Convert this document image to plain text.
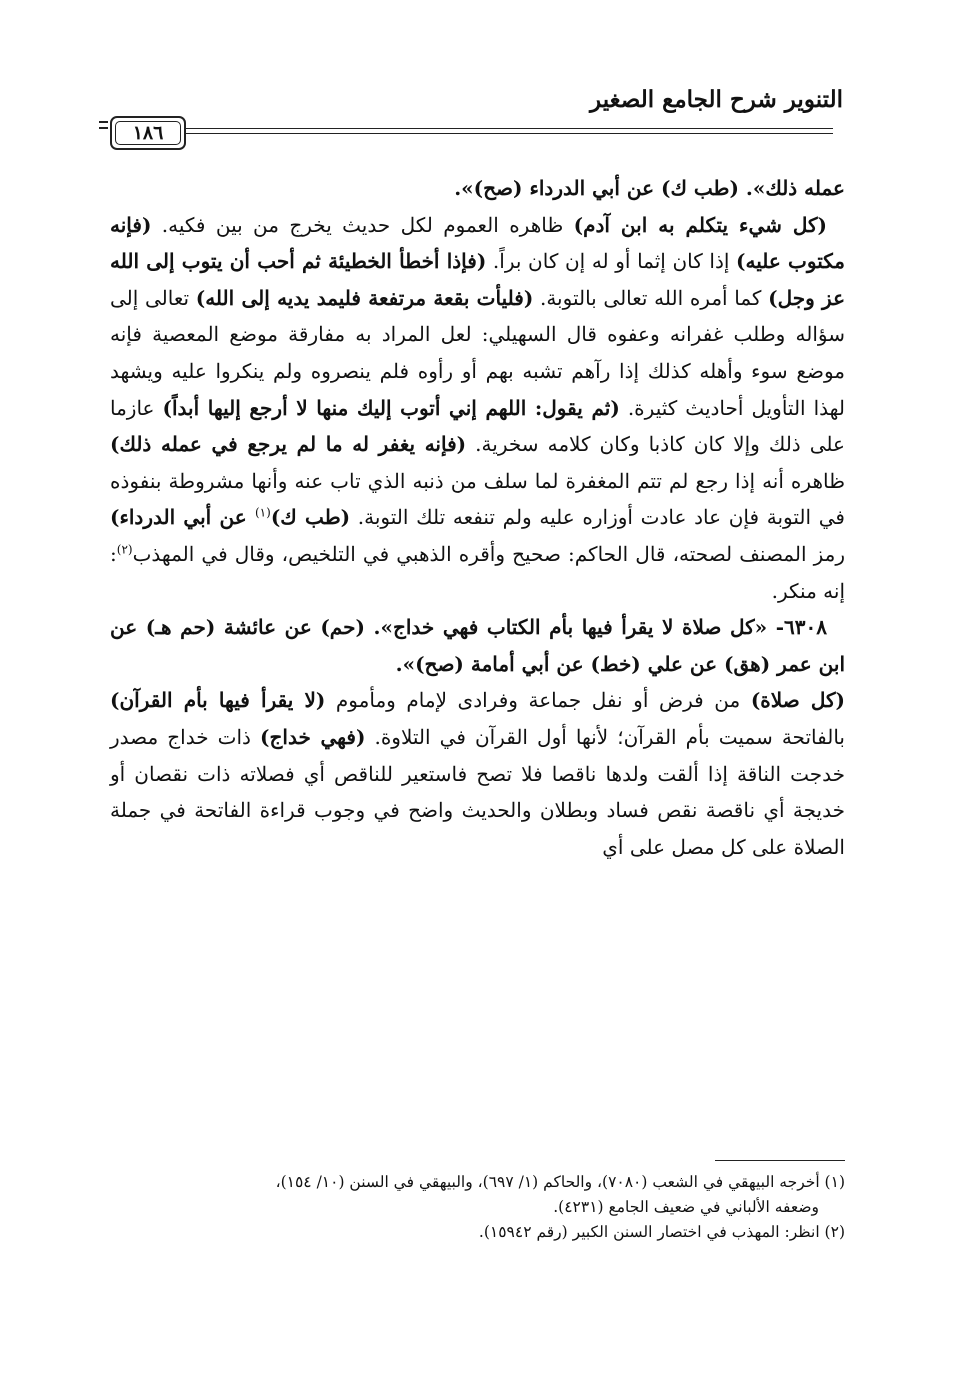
التنوير شرح الجامع الصغير
١٨٦

عمله ذلك». (طب ك) عن أبي الدرداء (صح)».

(كل شيء يتكلم به ابن آدم) ظاهره العموم لكل حديث يخرج من بين فكيه. (فإنه مكتوب عليه) إذا كان إثما أو له إن كان براً. (فإذا أخطأ الخطيئة ثم أحب أن يتوب إلى الله عز وجل) كما أمره الله تعالى بالتوبة. (فليأت بقعة مرتفعة فليمد يديه إلى الله) تعالى إلى سؤاله وطلب غفرانه وعفوه قال السهيلي: لعل المراد به مفارقة موضع المعصية فإنه موضع سوء وأهله كذلك إذا رآهم تشبه بهم أو رأوه فلم ينصروه ولم ينكروا عليه ويشهد لهذا التأويل أحاديث كثيرة. (ثم يقول: اللهم إني أتوب إليك منها لا أرجع إليها أبداً) عازما على ذلك وإلا كان كاذبا وكان كلامه سخرية. (فإنه يغفر له ما لم يرجع في عمله ذلك) ظاهره أنه إذا رجع لم تتم المغفرة لما سلف من ذنبه الذي تاب عنه وأنها مشروطة بنفوذه في التوبة فإن عاد عادت أوزاره عليه ولم تنفعه تلك التوبة. (طب ك)$^{(١)}$ عن أبي الدرداء) رمز المصنف لصحته، قال الحاكم: صحيح وأقره الذهبي في التلخيص، وقال في المهذب$^{(٢)}$: إنه منكر.

٦٣٠٨- «كل صلاة لا يقرأ فيها بأم الكتاب فهي خداج». (حم) عن عائشة (حم هـ) عن ابن عمر (هق) عن علي (خط) عن أبي أمامة (صح)».

(كل صلاة) من فرض أو نفل جماعة وفرادى لإمام ومأموم (لا يقرأ فيها بأم القرآن) بالفاتحة سميت بأم القرآن؛ لأنها أول القرآن في التلاوة. (فهي خداج) ذات خداج مصدر خدجت الناقة إذا ألقت ولدها ناقصا فلا تصح فاستعير للناقص أي فصلاته ذات نقصان أو خديجة أي ناقصة نقص فساد وبطلان والحديث واضح في وجوب قراءة الفاتحة في جملة الصلاة على كل مصل على أي

(١) أخرجه البيهقي في الشعب (٧٠٨٠)، والحاكم (١/ ٦٩٧)، والبيهقي في السنن (١٠/ ١٥٤)،

وضعفه الألباني في ضعيف الجامع (٤٢٣١).

(٢) انظر: المهذب في اختصار السنن الكبير (رقم ١٥٩٤٢).
